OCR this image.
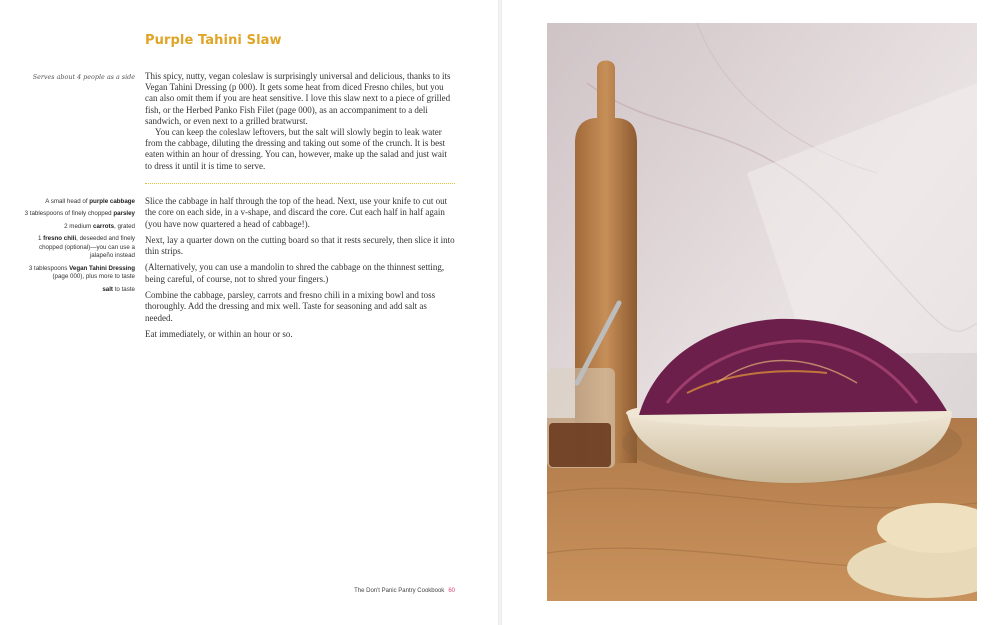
Purple Tahini Slaw
Serves about 4 people as a side This spicy, nutty, vegan coleslaw is surprisingly universal and delicious, thanks to its Vegan Tahini Dressing (p 000). It gets some heat from diced Fresno chiles, but you can also omit them if you are heat sensitive. I love this slaw next to a piece of grilled fish, or the Herbed Panko Fish Filet (page 000), as an accompaniment to a deli sandwich, or even next to a grilled bratwurst.

You can keep the coleslaw leftovers, but the salt will slowly begin to leak water from the cabbage, diluting the dressing and taking out some of the crunch. It is best eaten within an hour of dressing. You can, however, make up the salad and just wait to dress it until it is time to serve.

A small head of purple cabbage
3 tablespoons of finely chopped parsley
2 medium carrots, grated
1 fresno chili, deseeded and finely chopped (optional)—you can use a jalapeño instead
3 tablespoons Vegan Tahini Dressing (page 000), plus more to taste
salt to taste

Slice the cabbage in half through the top of the head. Next, use your knife to cut out the core on each side, in a v-shape, and discard the core. Cut each half in half again (you have now quartered a head of cabbage!).

Next, lay a quarter down on the cutting board so that it rests securely, then slice it into thin strips.

(Alternatively, you can use a mandolin to shred the cabbage on the thinnest setting, being careful, of course, not to shred your fingers.)

Combine the cabbage, parsley, carrots and fresno chili in a mixing bowl and toss thoroughly. Add the dressing and mix well. Taste for seasoning and add salt as needed.

Eat immediately, or within an hour or so.

The Don't Panic Pantry Cookbook 60
